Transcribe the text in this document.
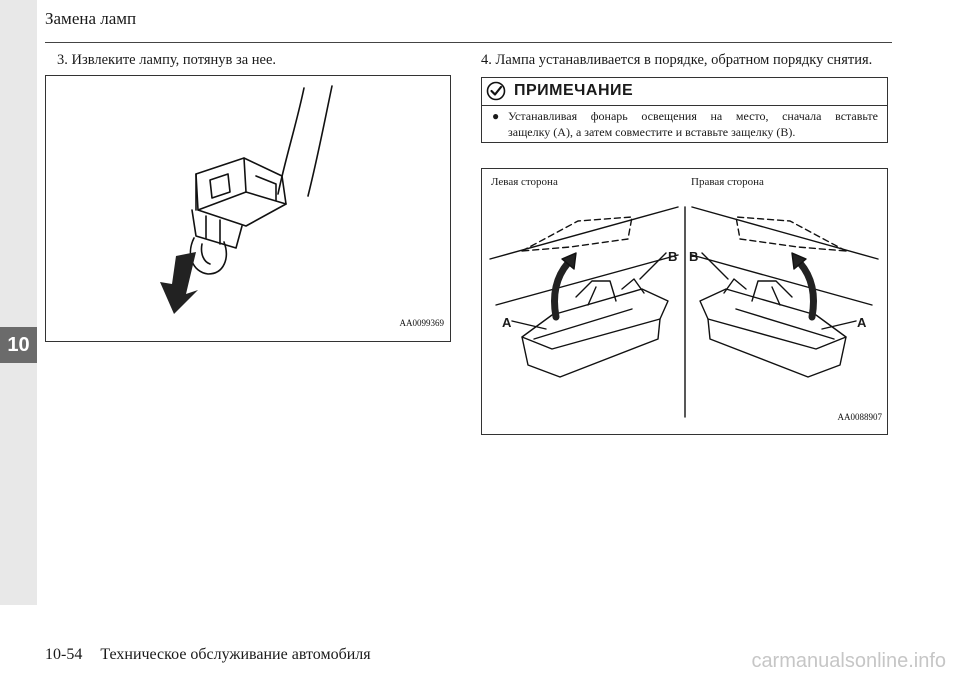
10
Замена ламп
3. Извлеките лампу, потянув за нее.	4. Лампа устанавливается в порядке, обратном порядку снятия.
AA0099369
ПРИМЕЧАНИЕ
● Устанавливая фонарь освещения на место, сначала вставьте
защелку (A), а затем совместите и вставьте защелку (B).
Левая сторона	Правая сторона
A
B B
A
AA0088907
10-54 Техническое обслуживание автомобиля	carmanualsonline.info
